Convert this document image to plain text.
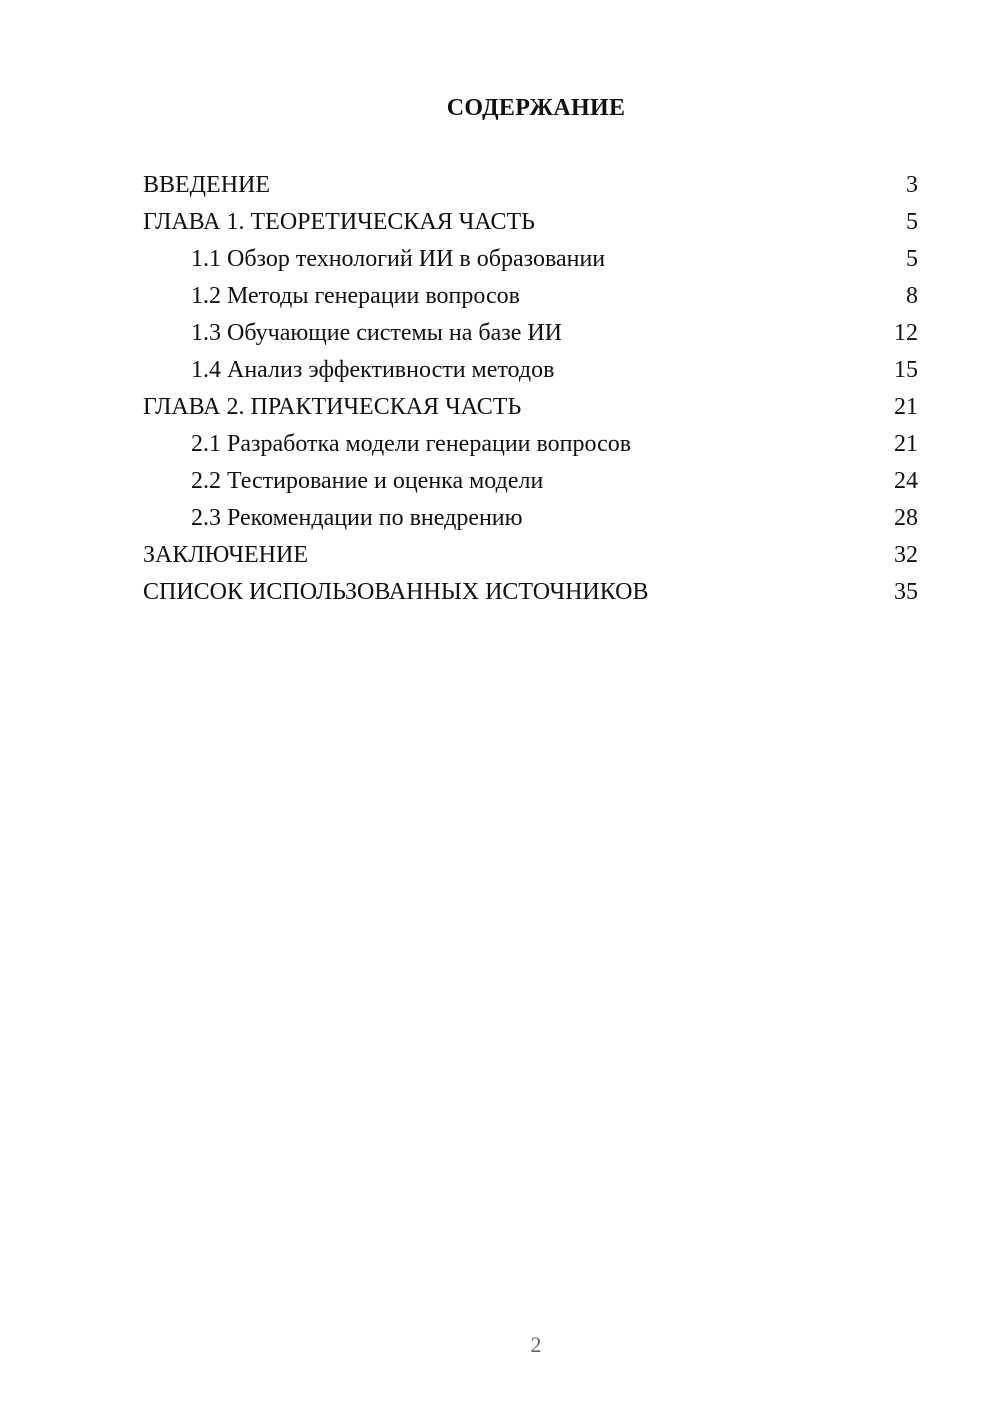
СОДЕРЖАНИЕ
ВВЕДЕНИЕ	3
ГЛАВА 1. ТЕОРЕТИЧЕСКАЯ ЧАСТЬ	5
1.1 Обзор технологий ИИ в образовании	5
1.2 Методы генерации вопросов	8
1.3 Обучающие системы на базе ИИ	12
1.4 Анализ эффективности методов	15
ГЛАВА 2. ПРАКТИЧЕСКАЯ ЧАСТЬ	21
2.1 Разработка модели генерации вопросов	21
2.2 Тестирование и оценка модели	24
2.3 Рекомендации по внедрению	28
ЗАКЛЮЧЕНИЕ	32
СПИСОК ИСПОЛЬЗОВАННЫХ ИСТОЧНИКОВ	35
2
